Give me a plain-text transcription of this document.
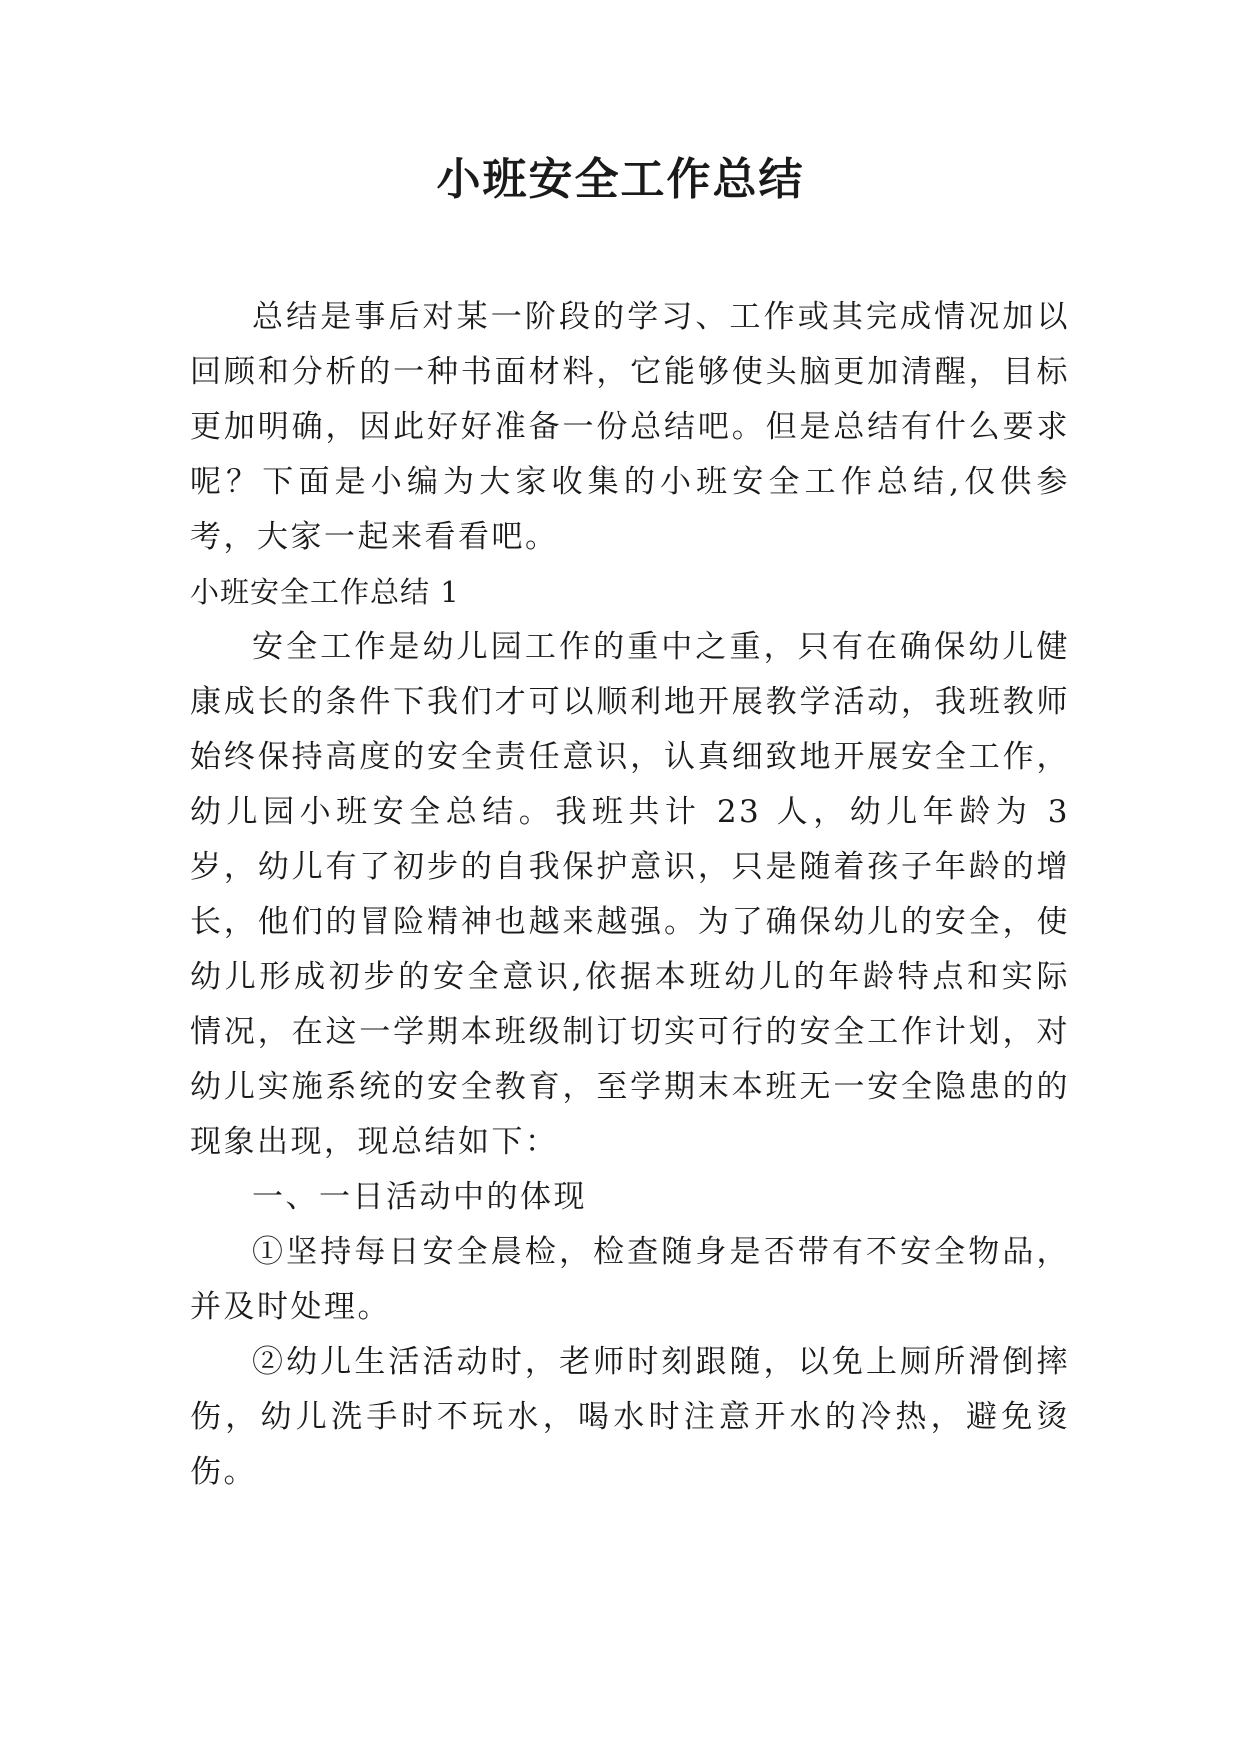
小班安全工作总结

总结是事后对某一阶段的学习、工作或其完成情况加以回顾和分析的一种书面材料，它能够使头脑更加清醒，目标更加明确，因此好好准备一份总结吧。但是总结有什么要求呢？下面是小编为大家收集的小班安全工作总结,仅供参考，大家一起来看看吧。

小班安全工作总结 1

安全工作是幼儿园工作的重中之重，只有在确保幼儿健康成长的条件下我们才可以顺利地开展教学活动，我班教师始终保持高度的安全责任意识，认真细致地开展安全工作，幼儿园小班安全总结。我班共计 23 人，幼儿年龄为 3 岁，幼儿有了初步的自我保护意识，只是随着孩子年龄的增长，他们的冒险精神也越来越强。为了确保幼儿的安全，使幼儿形成初步的安全意识,依据本班幼儿的年龄特点和实际情况，在这一学期本班级制订切实可行的安全工作计划，对幼儿实施系统的安全教育，至学期末本班无一安全隐患的的现象出现，现总结如下：

一、一日活动中的体现

①坚持每日安全晨检，检查随身是否带有不安全物品，并及时处理。

②幼儿生活活动时，老师时刻跟随，以免上厕所滑倒摔伤，幼儿洗手时不玩水，喝水时注意开水的冷热，避免烫伤。
